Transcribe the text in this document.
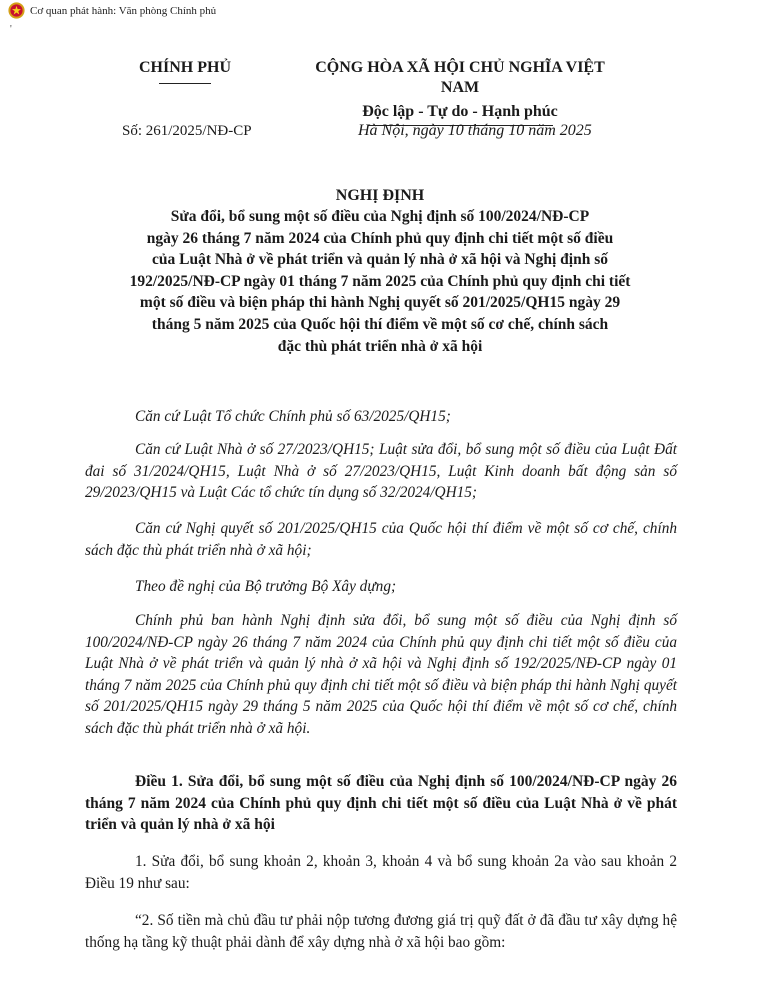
Cơ quan phát hành: Văn phòng Chính phủ
'
CHÍNH PHỦ	CỘNG HÒA XÃ HỘI CHỦ NGHĨA VIỆT NAM
Độc lập - Tự do - Hạnh phúc
Số: 261/2025/NĐ-CP	Hà Nội, ngày 10 tháng 10 năm 2025
NGHỊ ĐỊNH
Sửa đổi, bổ sung một số điều của Nghị định số 100/2024/NĐ-CP
ngày 26 tháng 7 năm 2024 của Chính phủ quy định chi tiết một số điều
của Luật Nhà ở về phát triển và quản lý nhà ở xã hội và Nghị định số
192/2025/NĐ-CP ngày 01 tháng 7 năm 2025 của Chính phủ quy định chi tiết
một số điều và biện pháp thi hành Nghị quyết số 201/2025/QH15 ngày 29
tháng 5 năm 2025 của Quốc hội thí điểm về một số cơ chế, chính sách
đặc thù phát triển nhà ở xã hội

Căn cứ Luật Tổ chức Chính phủ số 63/2025/QH15;

Căn cứ Luật Nhà ở số 27/2023/QH15; Luật sửa đổi, bổ sung một số điều của Luật Đất đai số 31/2024/QH15, Luật Nhà ở số 27/2023/QH15, Luật Kinh doanh bất động sản số 29/2023/QH15 và Luật Các tổ chức tín dụng số 32/2024/QH15;

Căn cứ Nghị quyết số 201/2025/QH15 của Quốc hội thí điểm về một số cơ chế, chính sách đặc thù phát triển nhà ở xã hội;

Theo đề nghị của Bộ trưởng Bộ Xây dựng;

Chính phủ ban hành Nghị định sửa đổi, bổ sung một số điều của Nghị định số 100/2024/NĐ-CP ngày 26 tháng 7 năm 2024 của Chính phủ quy định chi tiết một số điều của Luật Nhà ở về phát triển và quản lý nhà ở xã hội và Nghị định số 192/2025/NĐ-CP ngày 01 tháng 7 năm 2025 của Chính phủ quy định chi tiết một số điều và biện pháp thi hành Nghị quyết số 201/2025/QH15 ngày 29 tháng 5 năm 2025 của Quốc hội thí điểm về một số cơ chế, chính sách đặc thù phát triển nhà ở xã hội.

Điều 1. Sửa đổi, bổ sung một số điều của Nghị định số 100/2024/NĐ-CP ngày 26 tháng 7 năm 2024 của Chính phủ quy định chi tiết một số điều của Luật Nhà ở về phát triển và quản lý nhà ở xã hội

1. Sửa đổi, bổ sung khoản 2, khoản 3, khoản 4 và bổ sung khoản 2a vào sau khoản 2 Điều 19 như sau:

“2. Số tiền mà chủ đầu tư phải nộp tương đương giá trị quỹ đất ở đã đầu tư xây dựng hệ thống hạ tầng kỹ thuật phải dành để xây dựng nhà ở xã hội bao gồm:
